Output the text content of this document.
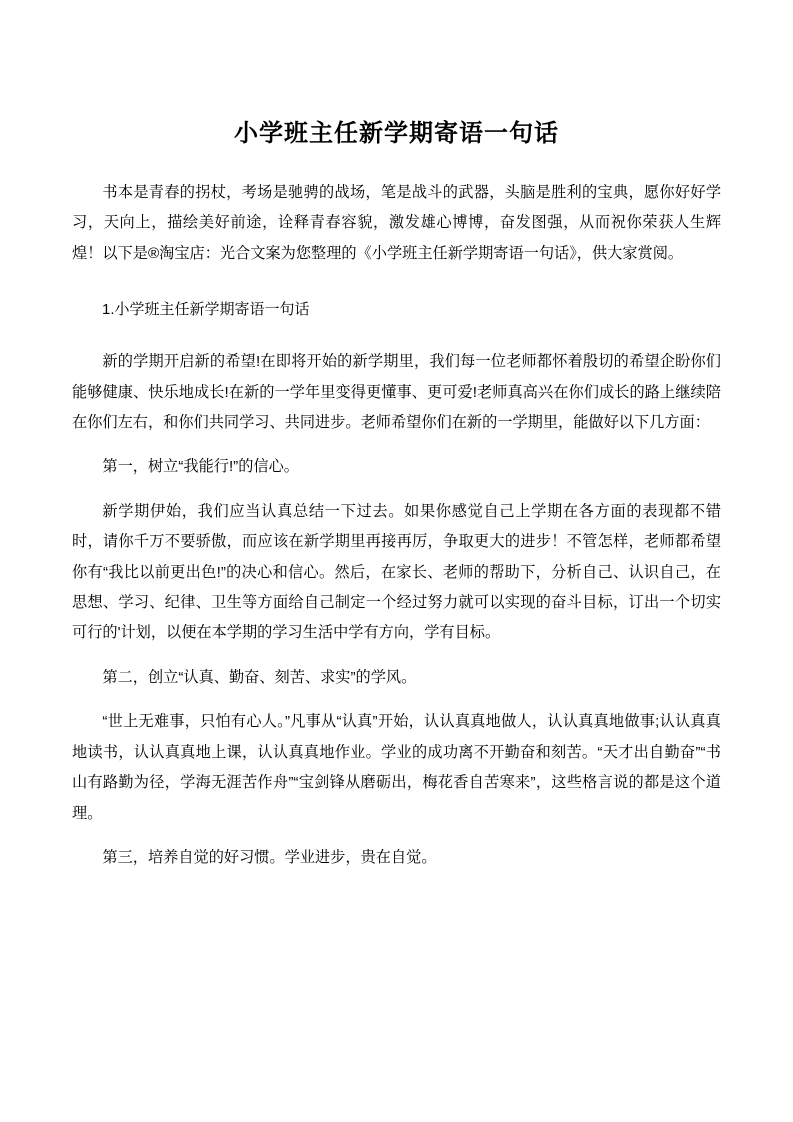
小学班主任新学期寄语一句话

书本是青春的拐杖，考场是驰骋的战场，笔是战斗的武器，头脑是胜利的宝典，愿你好好学习，天向上，描绘美好前途，诠释青春容貌，激发雄心博博，奋发图强，从而祝你荣获人生辉煌！以下是®淘宝店：光合文案为您整理的《小学班主任新学期寄语一句话》，供大家赏阅。

1.小学班主任新学期寄语一句话

新的学期开启新的希望!在即将开始的新学期里，我们每一位老师都怀着殷切的希望企盼你们能够健康、快乐地成长!在新的一学年里变得更懂事、更可爱!老师真高兴在你们成长的路上继续陪在你们左右，和你们共同学习、共同进步。老师希望你们在新的一学期里，能做好以下几方面：

第一，树立“我能行!”的信心。

新学期伊始，我们应当认真总结一下过去。如果你感觉自己上学期在各方面的表现都不错时，请你千万不要骄傲，而应该在新学期里再接再厉，争取更大的进步！不管怎样，老师都希望你有“我比以前更出色!”的决心和信心。然后，在家长、老师的帮助下，分析自己、认识自己，在思想、学习、纪律、卫生等方面给自己制定一个经过努力就可以实现的奋斗目标，订出一个切实可行的'计划，以便在本学期的学习生活中学有方向，学有目标。

第二，创立“认真、勤奋、刻苦、求实”的学风。

“世上无难事，只怕有心人。”凡事从“认真”开始，认认真真地做人，认认真真地做事;认认真真地读书，认认真真地上课，认认真真地作业。学业的成功离不开勤奋和刻苦。“天才出自勤奋”“书山有路勤为径，学海无涯苦作舟”“宝剑锋从磨砺出，梅花香自苦寒来”，这些格言说的都是这个道理。

第三，培养自觉的好习惯。学业进步，贵在自觉。
